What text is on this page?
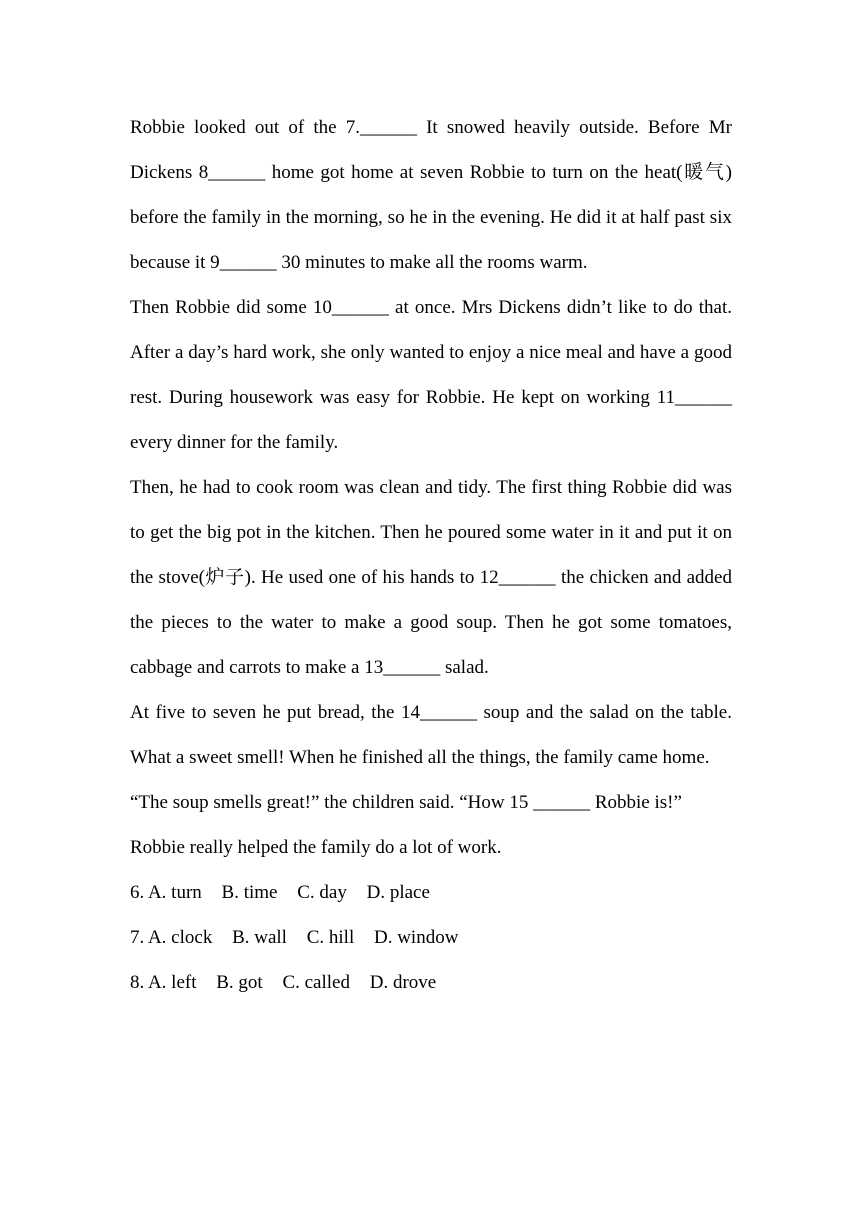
Robbie looked out of the 7.______ It snowed heavily outside. Before Mr Dickens 8______ home got home at seven Robbie to turn on the heat(暖气) before the family in the morning, so he in the evening. He did it at half past six because it 9______ 30 minutes to make all the rooms warm.

Then Robbie did some 10______ at once. Mrs Dickens didn’t like to do that. After a day’s hard work, she only wanted to enjoy a nice meal and have a good rest. During housework was easy for Robbie. He kept on working 11______ every dinner for the family.

Then, he had to cook room was clean and tidy. The first thing Robbie did was to get the big pot in the kitchen. Then he poured some water in it and put it on the stove(炉子). He used one of his hands to 12______ the chicken and added the pieces to the water to make a good soup. Then he got some tomatoes, cabbage and carrots to make a 13______ salad.

At five to seven he put bread, the 14______ soup and the salad on the table. What a sweet smell! When he finished all the things, the family came home.

“The soup smells great!” the children said. “How 15 ______ Robbie is!”

Robbie really helped the family do a lot of work.

6. A. turn B. time C. day D. place

7. A. clock B. wall C. hill D. window

8. A. left B. got C. called D. drove
